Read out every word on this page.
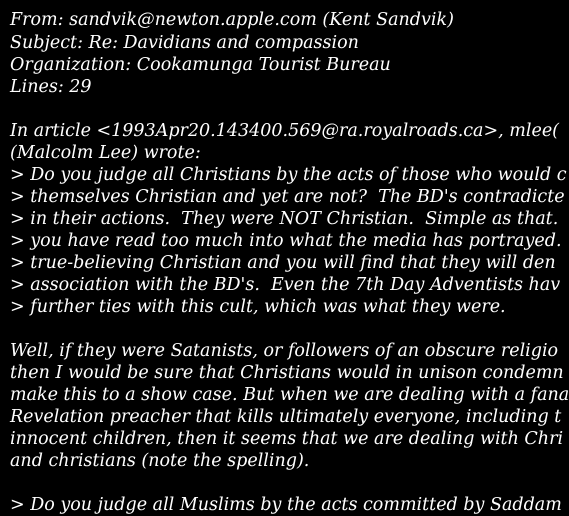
From: sandvik@newton.apple.com (Kent Sandvik)
Subject: Re: Davidians and compassion
Organization: Cookamunga Tourist Bureau
Lines: 29
In article <1993Apr20.143400.569@ra.royalroads.ca>, mlee(
(Malcolm Lee) wrote:
> Do you judge all Christians by the acts of those who would c
> themselves Christian and yet are not?  The BD's contradicte
> in their actions.  They were NOT Christian.  Simple as that.
> you have read too much into what the media has portrayed.
> true-believing Christian and you will find that they will den
> association with the BD's.  Even the 7th Day Adventists hav
> further ties with this cult, which was what they were.
Well, if they were Satanists, or followers of an obscure religio
then I would be sure that Christians would in unison condemn
make this to a show case. But when we are dealing with a fana
Revelation preacher that kills ultimately everyone, including t
innocent children, then it seems that we are dealing with Chri
and christians (note the spelling).
> Do you judge all Muslims by the acts committed by Saddam
